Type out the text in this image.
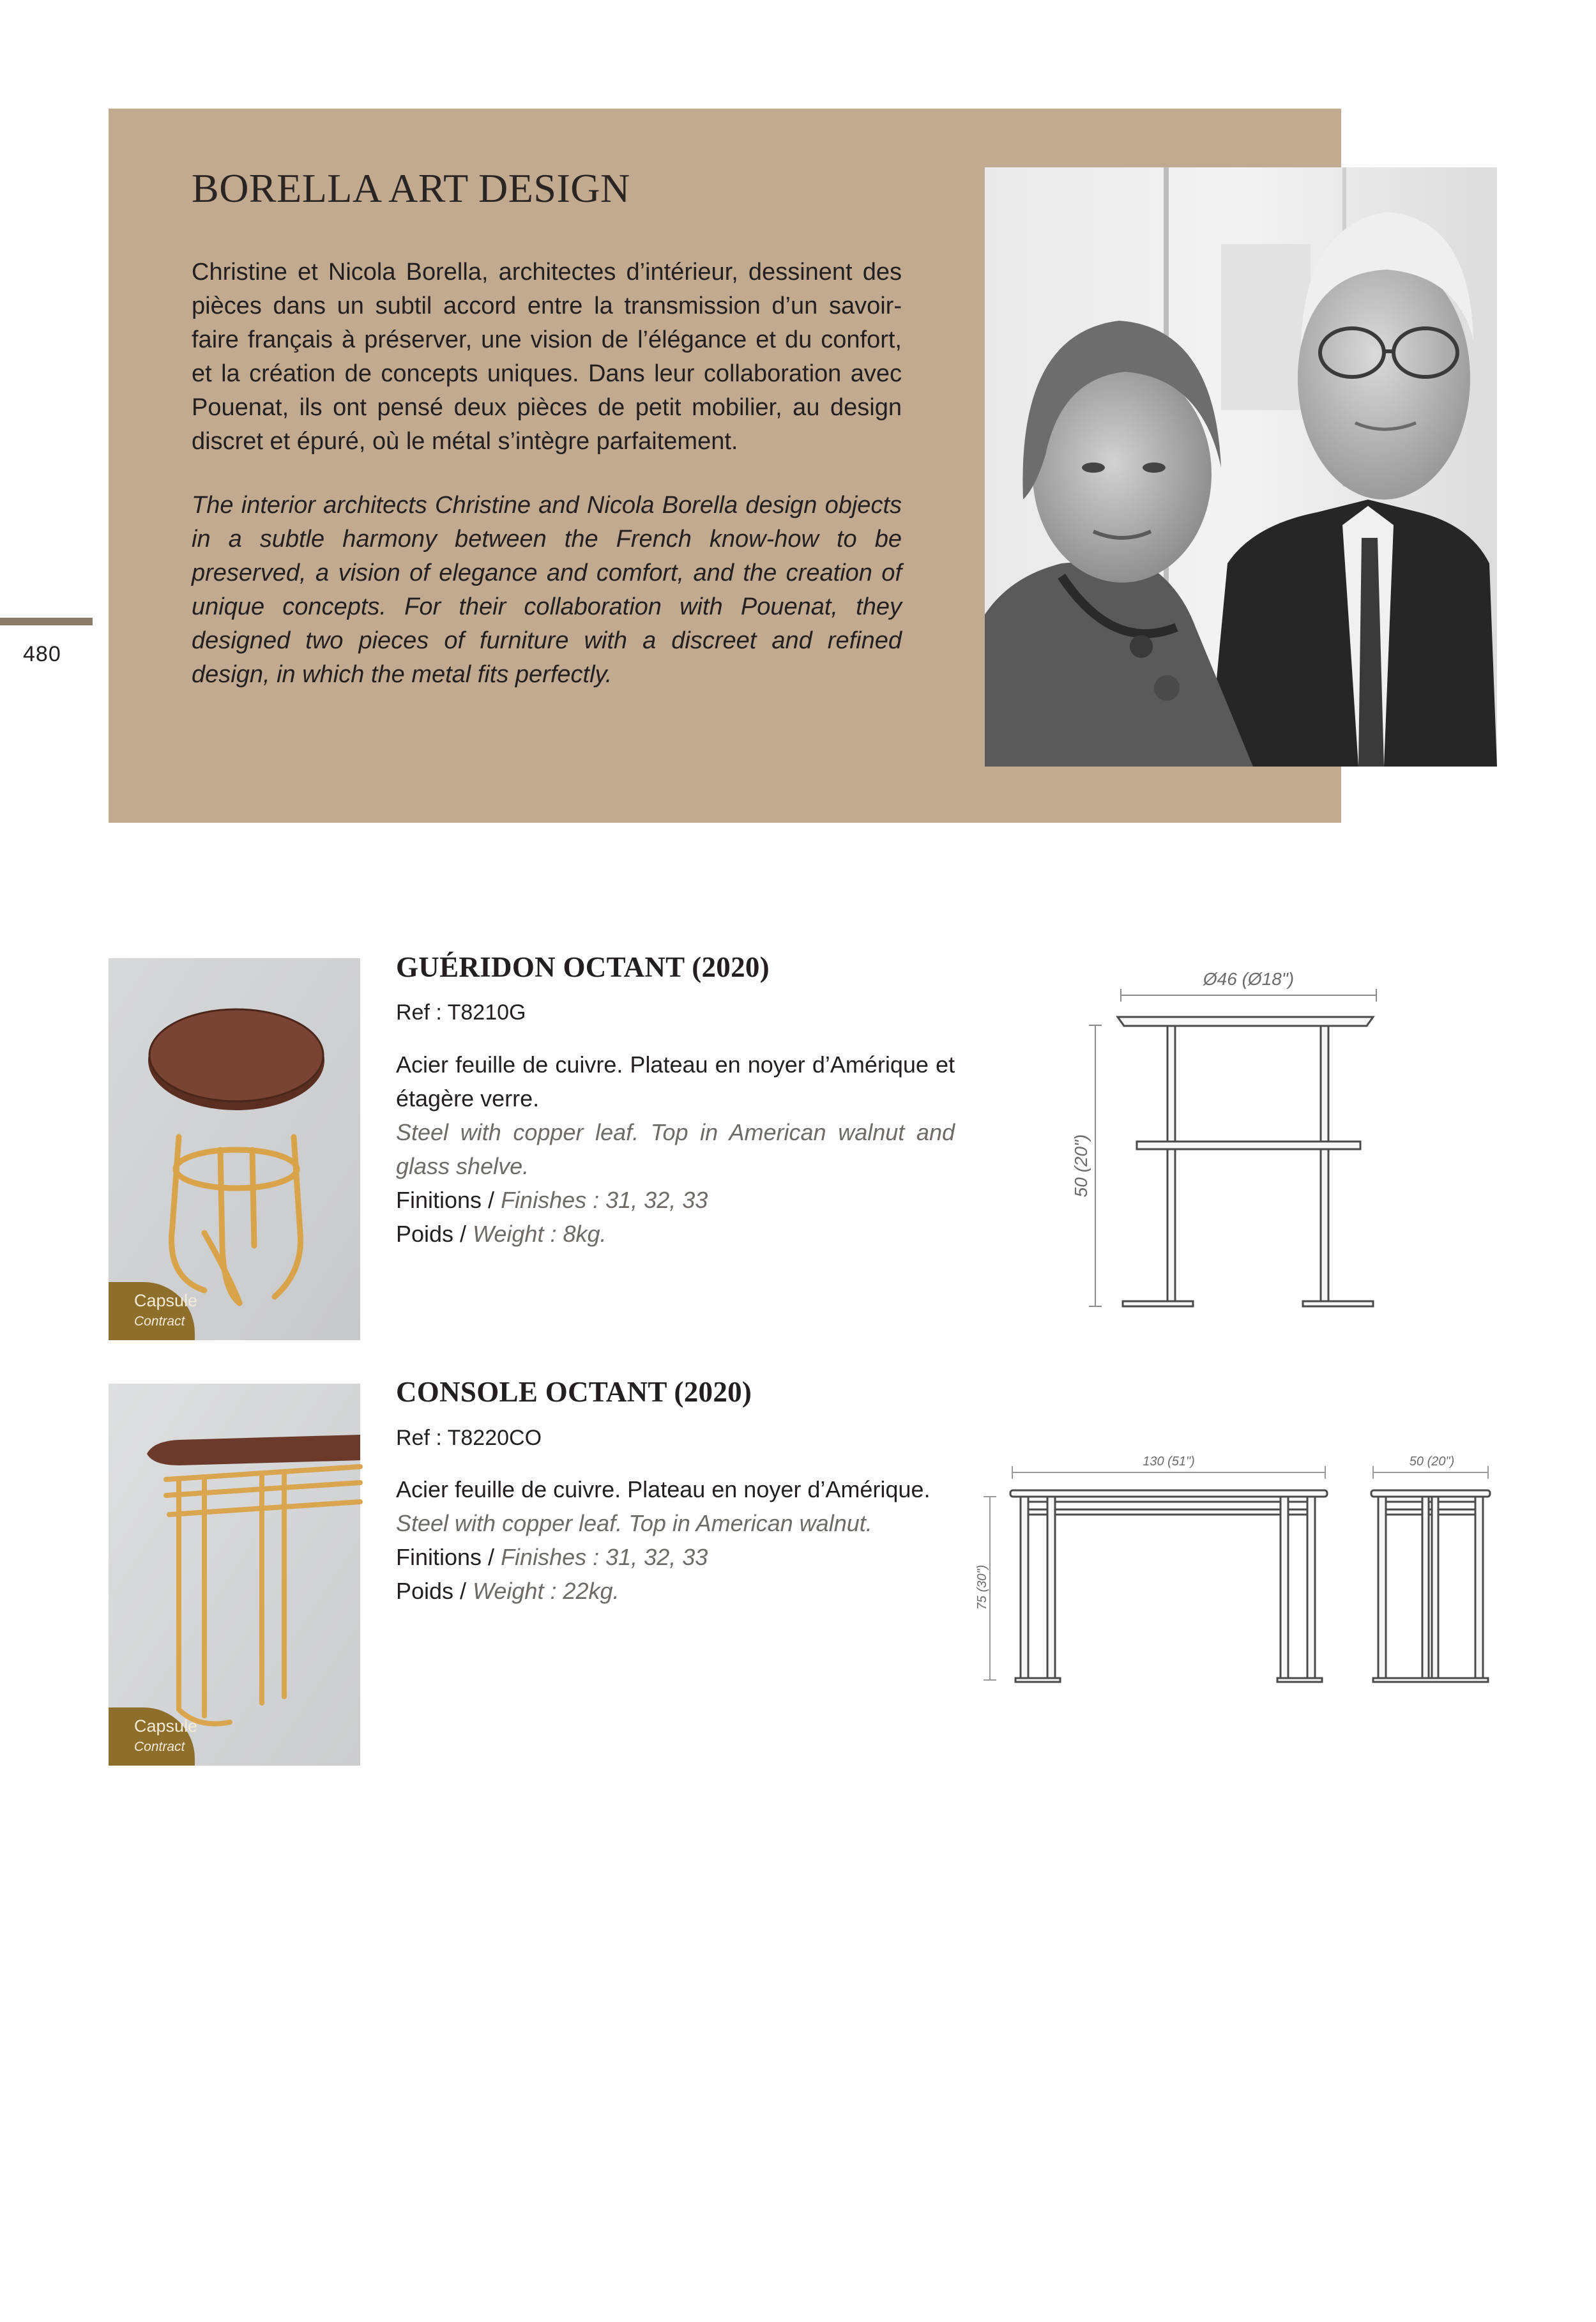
480
BORELLA ART DESIGN

Christine et Nicola Borella, architectes d’intérieur, dessinent des pièces dans un subtil accord entre la transmission d’un savoir-faire français à préserver, une vision de l’élégance et du confort, et la création de concepts uniques. Dans leur collaboration avec Pouenat, ils ont pensé deux pièces de petit mobilier, au design discret et épuré, où le métal s’intègre parfaitement.

The interior architects Christine and Nicola Borella design objects in a subtle harmony between the French know-how to be preserved, a vision of elegance and comfort, and the creation of unique concepts. For their collaboration with Pouenat, they designed two pieces of furniture with a discreet and refined design, in which the metal fits perfectly.

Capsule
Contract
GUÉRIDON OCTANT (2020)
Ref : T8210G
Acier feuille de cuivre. Plateau en noyer d’Amérique et étagère verre.
Steel with copper leaf. Top in American walnut and glass shelve.
Finitions / Finishes : 31, 32, 33
Poids / Weight : 8kg.
Ø46 (Ø18")
50 (20")
Capsule
Contract
CONSOLE OCTANT (2020)
Ref : T8220CO
Acier feuille de cuivre. Plateau en noyer d’Amérique.
Steel with copper leaf. Top in American walnut.
Finitions / Finishes : 31, 32, 33
Poids / Weight : 22kg.
130 (51")	50 (20")
75 (30")
